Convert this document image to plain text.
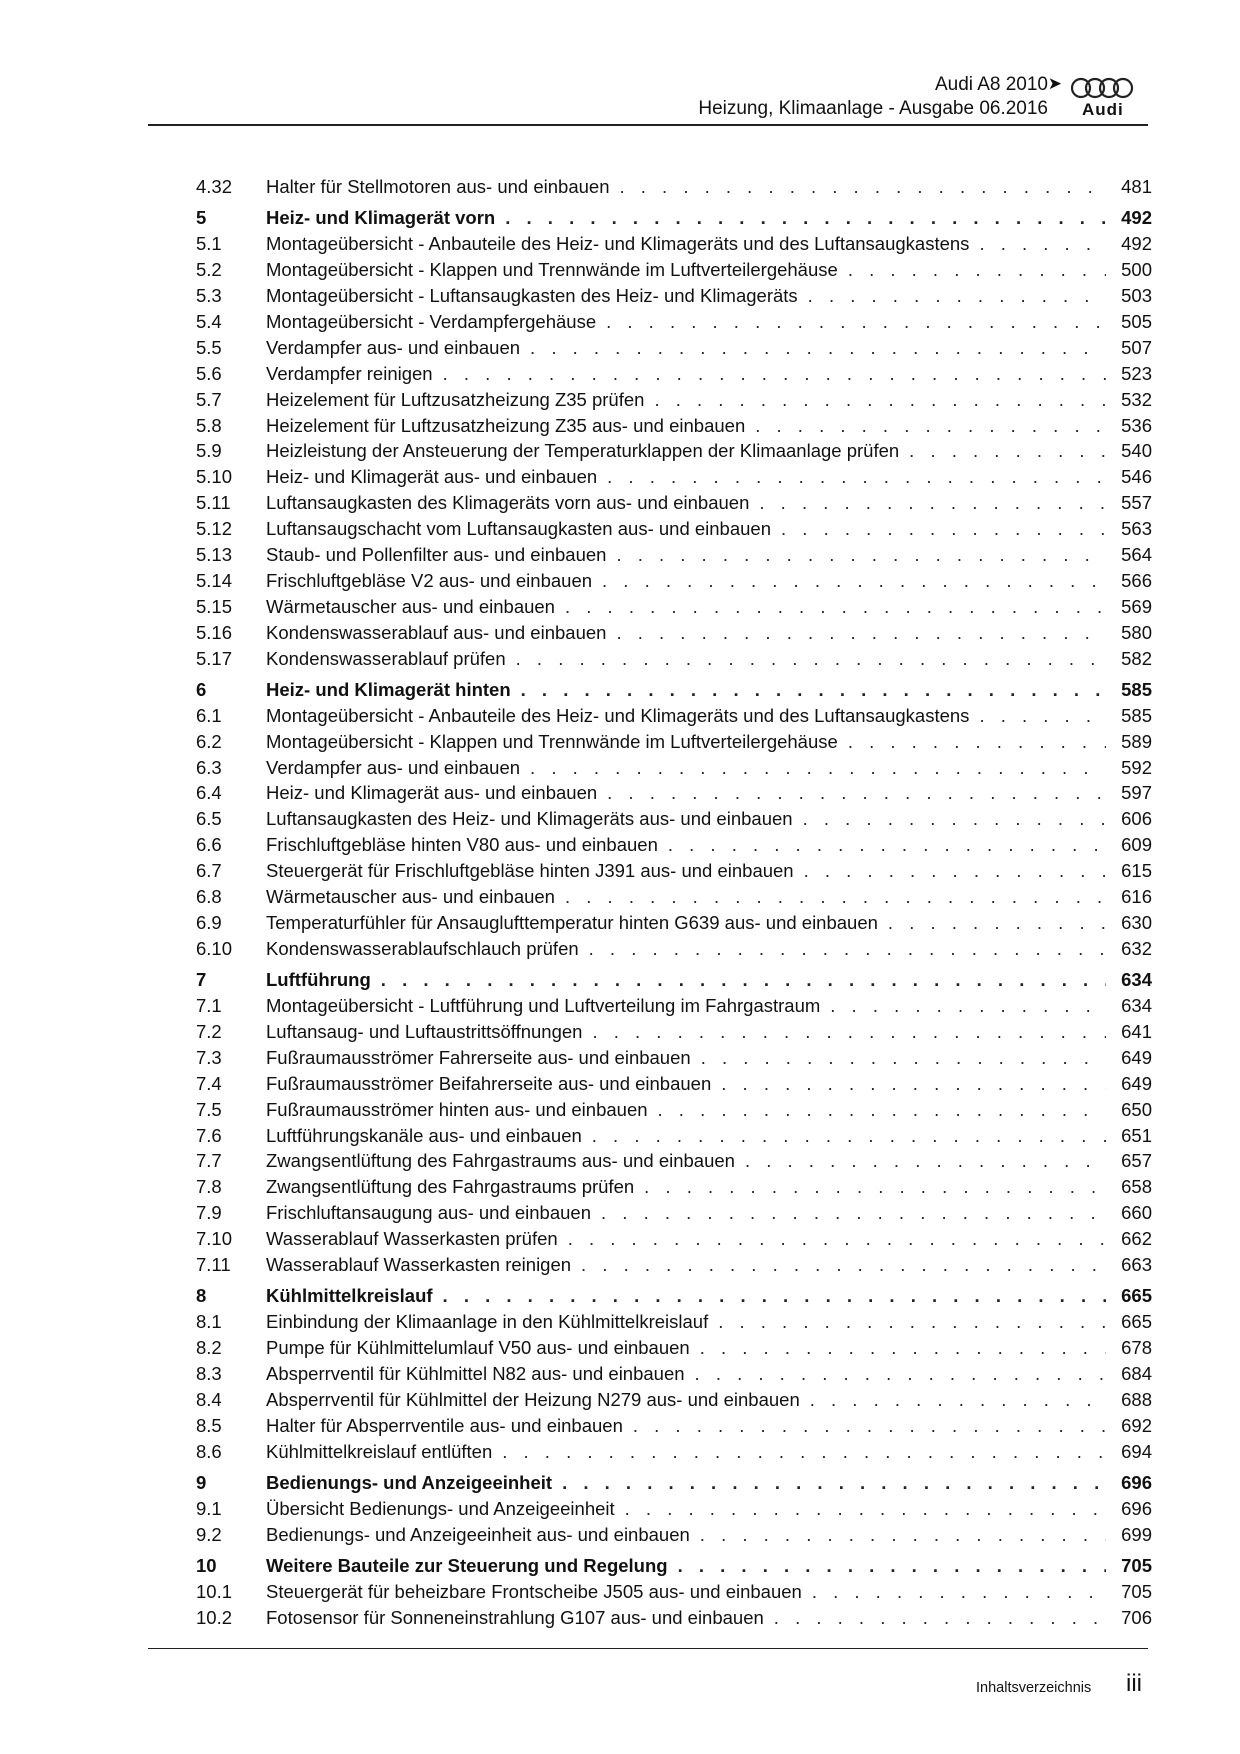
Audi A8 2010 ➤
Heizung, Klimaanlage - Ausgabe 06.2016 Audi
4.32	Halter für Stellmotoren aus- und einbauen . . .	481
5	Heiz- und Klimagerät vorn . . .	492
5.1	Montageübersicht - Anbauteile des Heiz- und Klimageräts und des Luftansaugkastens . . .	492
5.2	Montageübersicht - Klappen und Trennwände im Luftverteilergehäuse . . .	500
5.3	Montageübersicht - Luftansaugkasten des Heiz- und Klimageräts . . .	503
5.4	Montageübersicht - Verdampfergehäuse . . .	505
5.5	Verdampfer aus- und einbauen . . .	507
5.6	Verdampfer reinigen . . .	523
5.7	Heizelement für Luftzusatzheizung Z35 prüfen . . .	532
5.8	Heizelement für Luftzusatzheizung Z35 aus- und einbauen . . .	536
5.9	Heizleistung der Ansteuerung der Temperaturklappen der Klimaanlage prüfen . . .	540
5.10	Heiz- und Klimagerät aus- und einbauen . . .	546
5.11	Luftansaugkasten des Klimageräts vorn aus- und einbauen . . .	557
5.12	Luftansaugschacht vom Luftansaugkasten aus- und einbauen . . .	563
5.13	Staub- und Pollenfilter aus- und einbauen . . .	564
5.14	Frischluftgebläse V2 aus- und einbauen . . .	566
5.15	Wärmetauscher aus- und einbauen . . .	569
5.16	Kondenswasserablauf aus- und einbauen . . .	580
5.17	Kondenswasserablauf prüfen . . .	582
6	Heiz- und Klimagerät hinten . . .	585
6.1	Montageübersicht - Anbauteile des Heiz- und Klimageräts und des Luftansaugkastens . . .	585
6.2	Montageübersicht - Klappen und Trennwände im Luftverteilergehäuse . . .	589
6.3	Verdampfer aus- und einbauen . . .	592
6.4	Heiz- und Klimagerät aus- und einbauen . . .	597
6.5	Luftansaugkasten des Heiz- und Klimageräts aus- und einbauen . . .	606
6.6	Frischluftgebläse hinten V80 aus- und einbauen . . .	609
6.7	Steuergerät für Frischluftgebläse hinten J391 aus- und einbauen . . .	615
6.8	Wärmetauscher aus- und einbauen . . .	616
6.9	Temperaturfühler für Ansauglufttemperatur hinten G639 aus- und einbauen . . .	630
6.10	Kondenswasserablaufschlauch prüfen . . .	632
7	Luftführung . . .	634
7.1	Montageübersicht - Luftführung und Luftverteilung im Fahrgastraum . . .	634
7.2	Luftansaug- und Luftaustrittsöffnungen . . .	641
7.3	Fußraumausströmer Fahrerseite aus- und einbauen . . .	649
7.4	Fußraumausströmer Beifahrerseite aus- und einbauen . . .	649
7.5	Fußraumausströmer hinten aus- und einbauen . . .	650
7.6	Luftführungskanäle aus- und einbauen . . .	651
7.7	Zwangsentlüftung des Fahrgastraums aus- und einbauen . . .	657
7.8	Zwangsentlüftung des Fahrgastraums prüfen . . .	658
7.9	Frischluftansaugung aus- und einbauen . . .	660
7.10	Wasserablauf Wasserkasten prüfen . . .	662
7.11	Wasserablauf Wasserkasten reinigen . . .	663
8	Kühlmittelkreislauf . . .	665
8.1	Einbindung der Klimaanlage in den Kühlmittelkreislauf . . .	665
8.2	Pumpe für Kühlmittelumlauf V50 aus- und einbauen . . .	678
8.3	Absperrventil für Kühlmittel N82 aus- und einbauen . . .	684
8.4	Absperrventil für Kühlmittel der Heizung N279 aus- und einbauen . . .	688
8.5	Halter für Absperrventile aus- und einbauen . . .	692
8.6	Kühlmittelkreislauf entlüften . . .	694
9	Bedienungs- und Anzeigeeinheit . . .	696
9.1	Übersicht Bedienungs- und Anzeigeeinheit . . .	696
9.2	Bedienungs- und Anzeigeeinheit aus- und einbauen . . .	699
10	Weitere Bauteile zur Steuerung und Regelung . . .	705
10.1	Steuergerät für beheizbare Frontscheibe J505 aus- und einbauen . . .	705
10.2	Fotosensor für Sonneneinstrahlung G107 aus- und einbauen . . .	706
Inhaltsverzeichnis iii
